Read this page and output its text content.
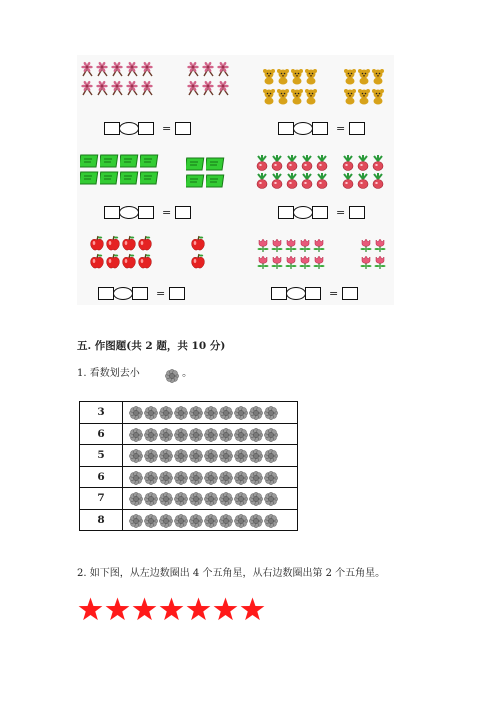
=	=
=	=
=	=
五. 作图题(共 2 题，共 10 分)
1. 看数划去小	。
3	
6	
5	
6	
7	
8	
2. 如下图，从左边数圈出 4 个五角星，从右边数圈出第 2 个五角星。
